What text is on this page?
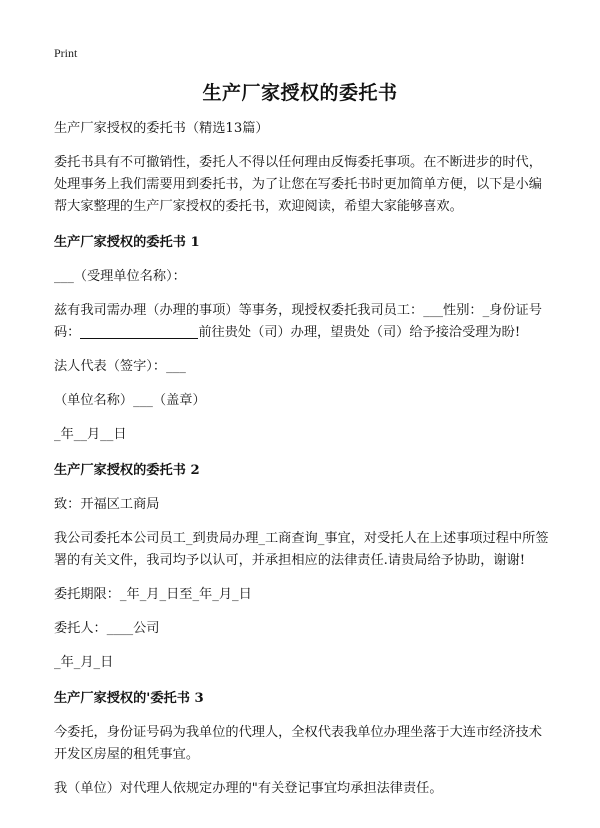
Print
生产厂家授权的委托书

生产厂家授权的委托书（精选13篇）

委托书具有不可撤销性，委托人不得以任何理由反悔委托事项。在不断进步的时代，处理事务上我们需要用到委托书，为了让您在写委托书时更加简单方便，以下是小编帮大家整理的生产厂家授权的委托书，欢迎阅读，希望大家能够喜欢。

生产厂家授权的委托书 1

___（受理单位名称）：

兹有我司需办理（办理的事项）等事务，现授权委托我司员工：___性别：_身份证号码：	前往贵处（司）办理，望贵处（司）给予接洽受理为盼!

法人代表（签字）：___

（单位名称）___（盖章）

_年__月__日

生产厂家授权的委托书 2

致：开福区工商局

我公司委托本公司员工_到贵局办理_工商查询_事宜，对受托人在上述事项过程中所签署的有关文件，我司均予以认可，并承担相应的法律责任.请贵局给予协助，谢谢!

委托期限：_年_月_日至_年_月_日

委托人：____公司

_年_月_日

生产厂家授权的'委托书 3

今委托，身份证号码为我单位的代理人，全权代表我单位办理坐落于大连市经济技术开发区房屋的租凭事宜。

我（单位）对代理人依规定办理的"有关登记事宜均承担法律责任。
